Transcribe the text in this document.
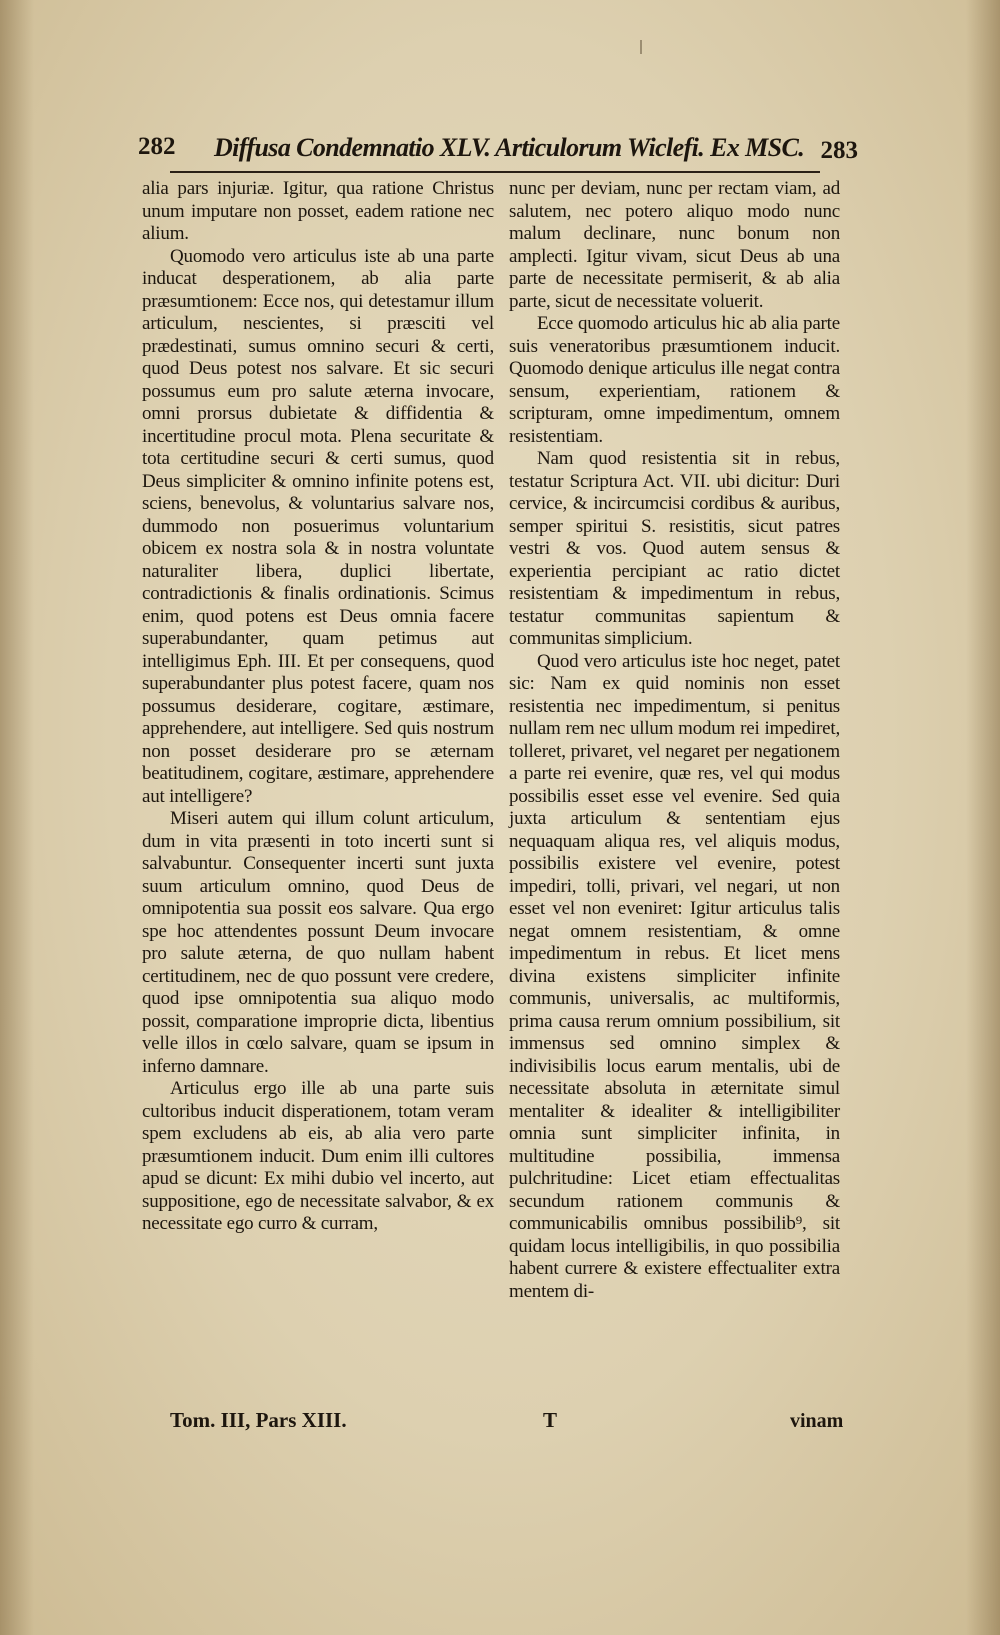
282 Diffusa Condemnatio XLV. Articulorum Wiclefi. Ex MSC. 283

alia pars injuriæ. Igitur, qua ratione Christus unum imputare non posset, eadem ratione nec alium.

Quomodo vero articulus iste ab una parte inducat desperationem, ab alia parte præsumtionem: Ecce nos, qui detestamur illum articulum, nescientes, si præsciti vel prædestinati, sumus omnino securi & certi, quod Deus potest nos salvare. Et sic securi possumus eum pro salute æterna invocare, omni prorsus dubietate & diffidentia & incertitudine procul mota. Plena securitate & tota certitudine securi & certi sumus, quod Deus simpliciter & omnino infinite potens est, sciens, benevolus, & voluntarius salvare nos, dummodo non posuerimus voluntarium obicem ex nostra sola & in nostra voluntate naturaliter libera, duplici libertate, contradictionis & finalis ordinationis. Scimus enim, quod potens est Deus omnia facere superabundanter, quam petimus aut intelligimus Eph. III. Et per consequens, quod superabundanter plus potest facere, quam nos possumus desiderare, cogitare, æstimare, apprehendere, aut intelligere. Sed quis nostrum non posset desiderare pro se æternam beatitudinem, cogitare, æstimare, apprehendere aut intelligere?

Miseri autem qui illum colunt articulum, dum in vita præsenti in toto incerti sunt si salvabuntur. Consequenter incerti sunt juxta suum articulum omnino, quod Deus de omnipotentia sua possit eos salvare. Qua ergo spe hoc attendentes possunt Deum invocare pro salute æterna, de quo nullam habent certitudinem, nec de quo possunt vere credere, quod ipse omnipotentia sua aliquo modo possit, comparatione improprie dicta, libentius velle illos in cœlo salvare, quam se ipsum in inferno damnare.

Articulus ergo ille ab una parte suis cultoribus inducit disperationem, totam veram spem excludens ab eis, ab alia vero parte præsumtionem inducit. Dum enim illi cultores apud se dicunt: Ex mihi dubio vel incerto, aut suppositione, ego de necessitate salvabor, & ex necessitate ego curro & curram,

nunc per deviam, nunc per rectam viam, ad salutem, nec potero aliquo modo nunc malum declinare, nunc bonum non amplecti. Igitur vivam, sicut Deus ab una parte de necessitate permiserit, & ab alia parte, sicut de necessitate voluerit.

Ecce quomodo articulus hic ab alia parte suis veneratoribus præsumtionem inducit. Quomodo denique articulus ille negat contra sensum, experientiam, rationem & scripturam, omne impedimentum, omnem resistentiam.

Nam quod resistentia sit in rebus, testatur Scriptura Act. VII. ubi dicitur: Duri cervice, & incircumcisi cordibus & auribus, semper spiritui S. resistitis, sicut patres vestri & vos. Quod autem sensus & experientia percipiant ac ratio dictet resistentiam & impedimentum in rebus, testatur communitas sapientum & communitas simplicium.

Quod vero articulus iste hoc neget, patet sic: Nam ex quid nominis non esset resistentia nec impedimentum, si penitus nullam rem nec ullum modum rei impediret, tolleret, privaret, vel negaret per negationem a parte rei evenire, quæ res, vel qui modus possibilis esset esse vel evenire. Sed quia juxta articulum & sententiam ejus nequaquam aliqua res, vel aliquis modus, possibilis existere vel evenire, potest impediri, tolli, privari, vel negari, ut non esset vel non eveniret: Igitur articulus talis negat omnem resistentiam, & omne impedimentum in rebus. Et licet mens divina existens simpliciter infinite communis, universalis, ac multiformis, prima causa rerum omnium possibilium, sit immensus sed omnino simplex & indivisibilis locus earum mentalis, ubi de necessitate absoluta in æternitate simul mentaliter & idealiter & intelligibiliter omnia sunt simpliciter infinita, in multitudine possibilia, immensa pulchritudine: Licet etiam effectualitas secundum rationem communis & communicabilis omnibus possibilib⁹, sit quidam locus intelligibilis, in quo possibilia habent currere & existere effectualiter extra mentem di-

Tom. III, Pars XIII.	T	vinam
